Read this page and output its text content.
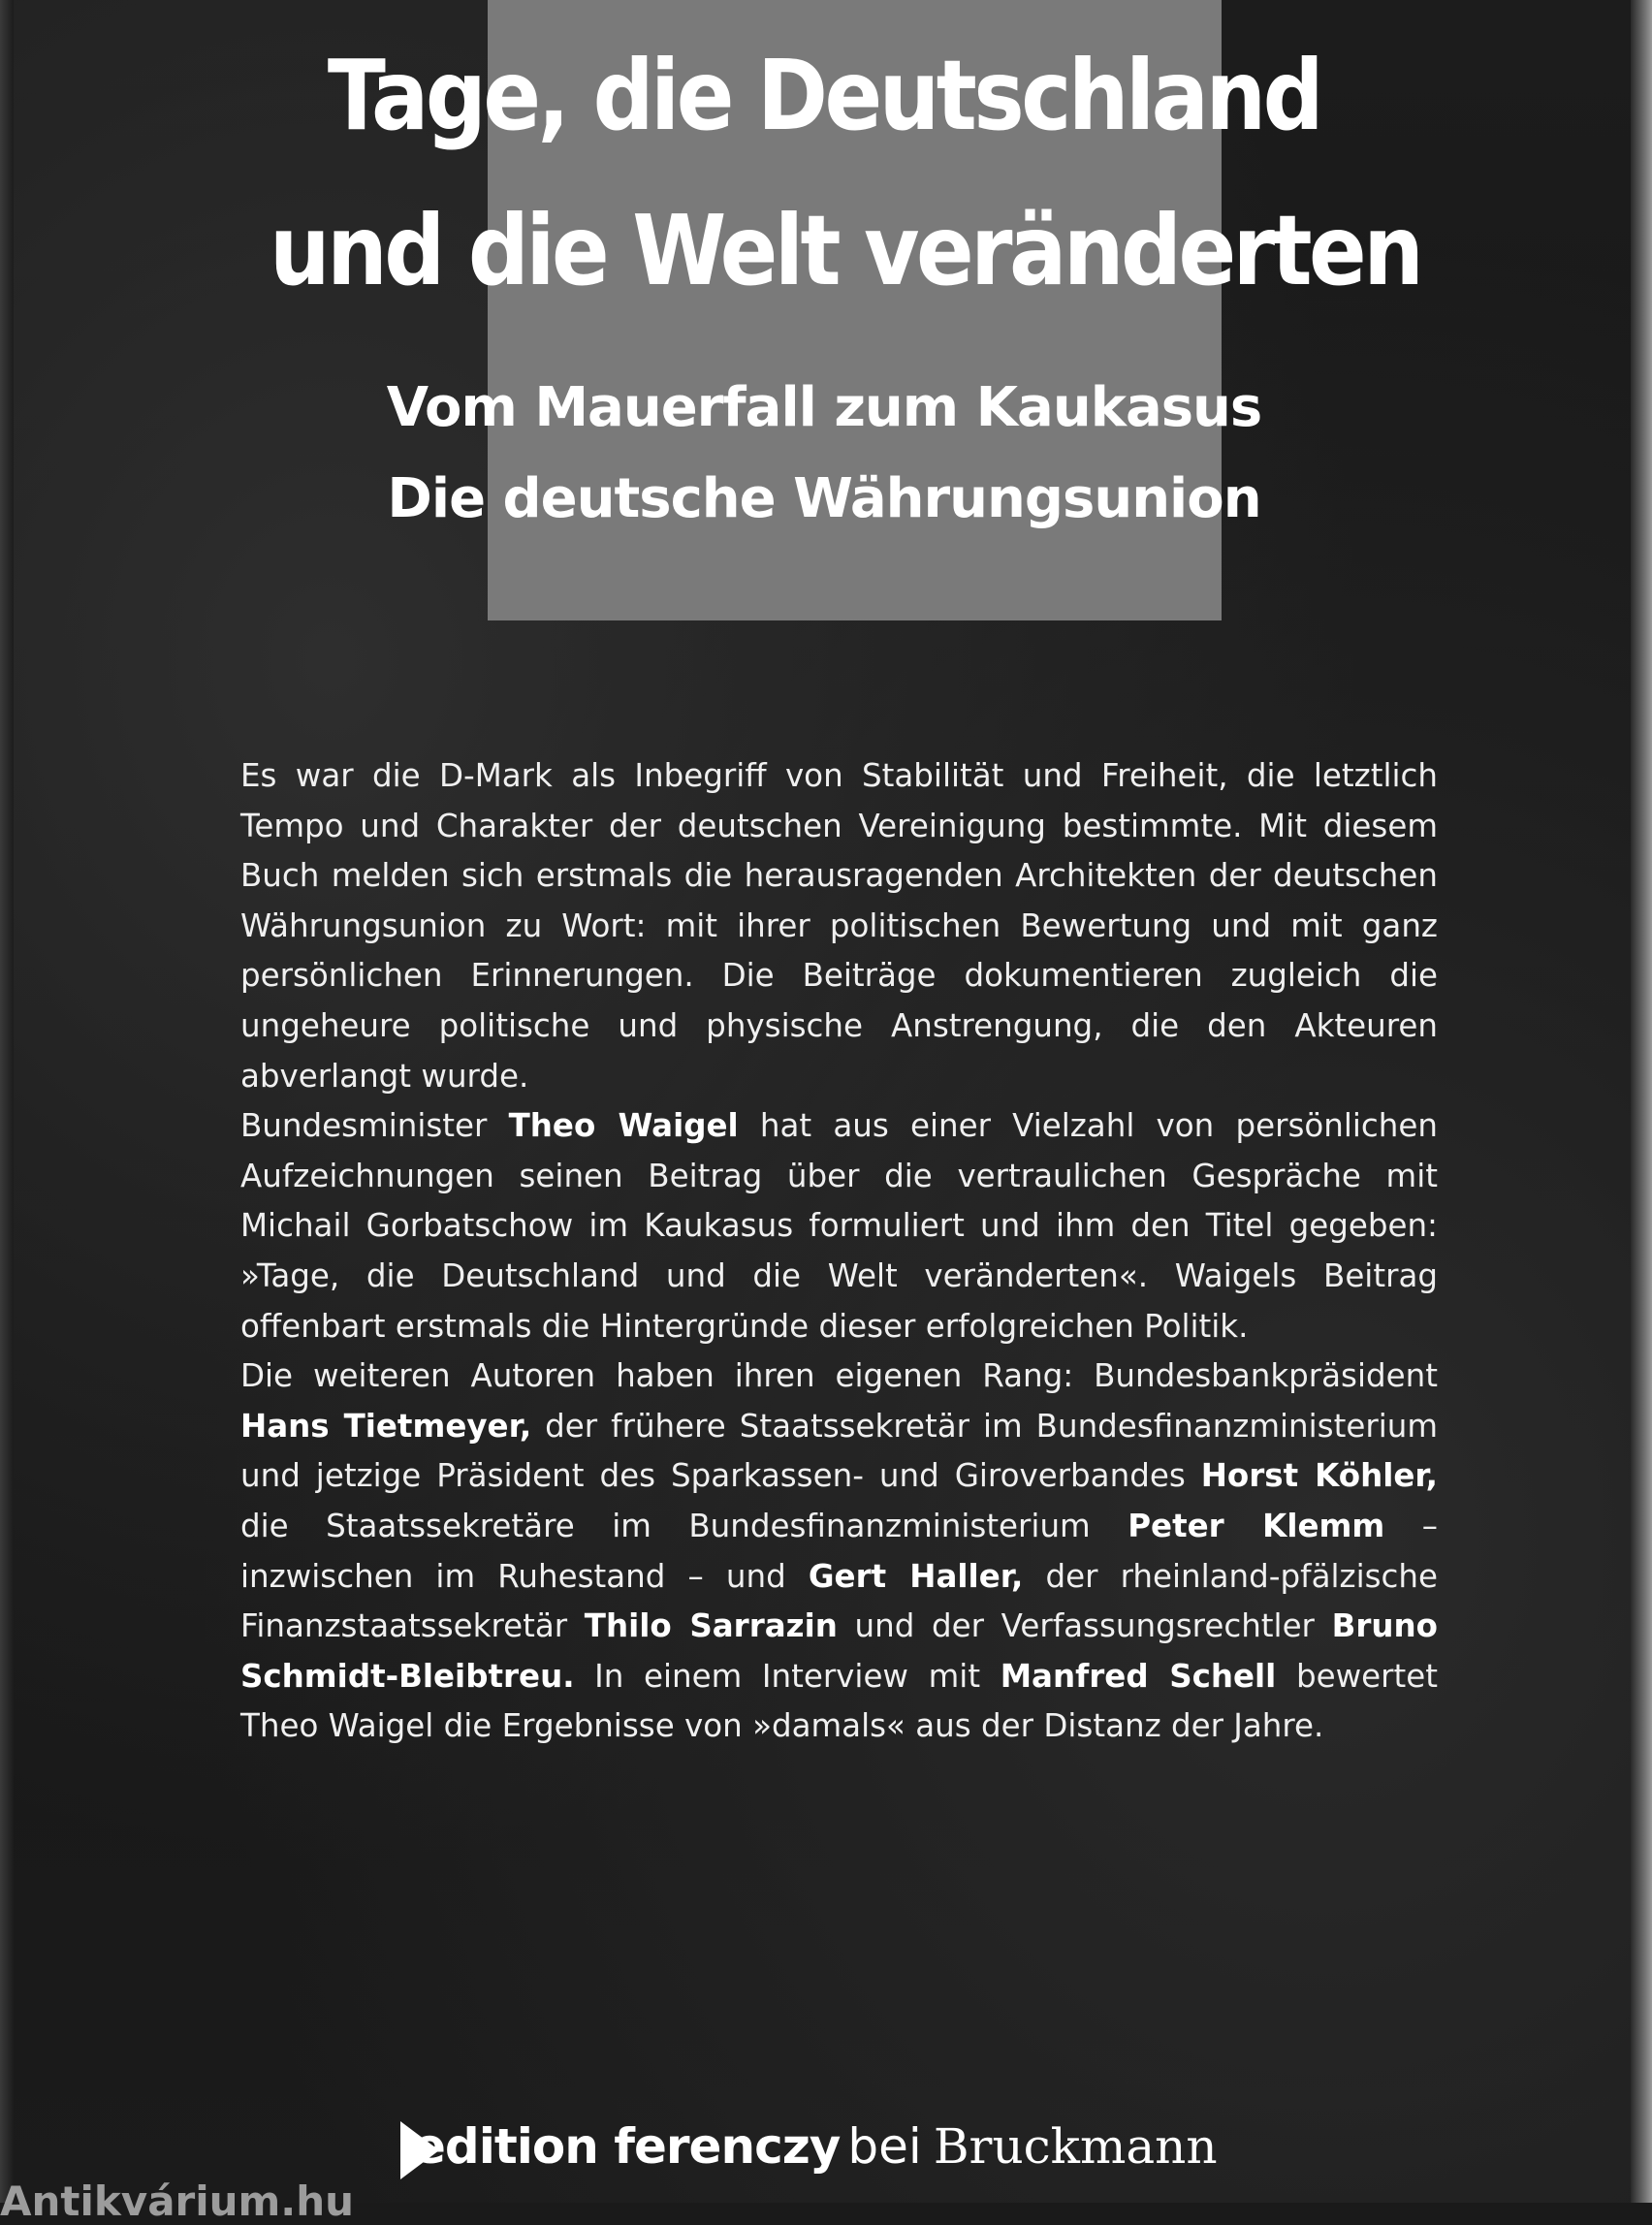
Tage, die Deutschland
und die Welt veränderten
Vom Mauerfall zum Kaukasus
Die deutsche Währungsunion

Es war die D-Mark als Inbegriff von Stabilität und Freiheit, die letztlich Tempo und Charakter der deutschen Vereinigung bestimmte. Mit diesem Buch melden sich erstmals die herausragenden Architekten der deutschen Währungsunion zu Wort: mit ihrer politischen Bewertung und mit ganz persönlichen Erinnerungen. Die Beiträge dokumentieren zugleich die ungeheure politische und physische Anstrengung, die den Akteuren abverlangt wurde.

Bundesminister Theo Waigel hat aus einer Vielzahl von persönlichen Aufzeichnungen seinen Beitrag über die vertraulichen Gespräche mit Michail Gorbatschow im Kaukasus formuliert und ihm den Titel gegeben: »Tage, die Deutschland und die Welt veränderten«. Waigels Beitrag offenbart erstmals die Hintergründe dieser erfolgreichen Politik.

Die weiteren Autoren haben ihren eigenen Rang: Bundesbankpräsident Hans Tietmeyer, der frühere Staatssekretär im Bundesfinanzministerium und jetzige Präsident des Sparkassen- und Giroverbandes Horst Köhler, die Staatssekretäre im Bundesfinanzministerium Peter Klemm – inzwischen im Ruhestand – und Gert Haller, der rheinland-pfälzische Finanzstaatssekretär Thilo Sarrazin und der Verfassungsrechtler Bruno Schmidt-Bleibtreu. In einem Interview mit Manfred Schell bewertet Theo Waigel die Ergebnisse von »damals« aus der Distanz der Jahre.

edition ferenczy bei Bruckmann
Antikvárium.hu
